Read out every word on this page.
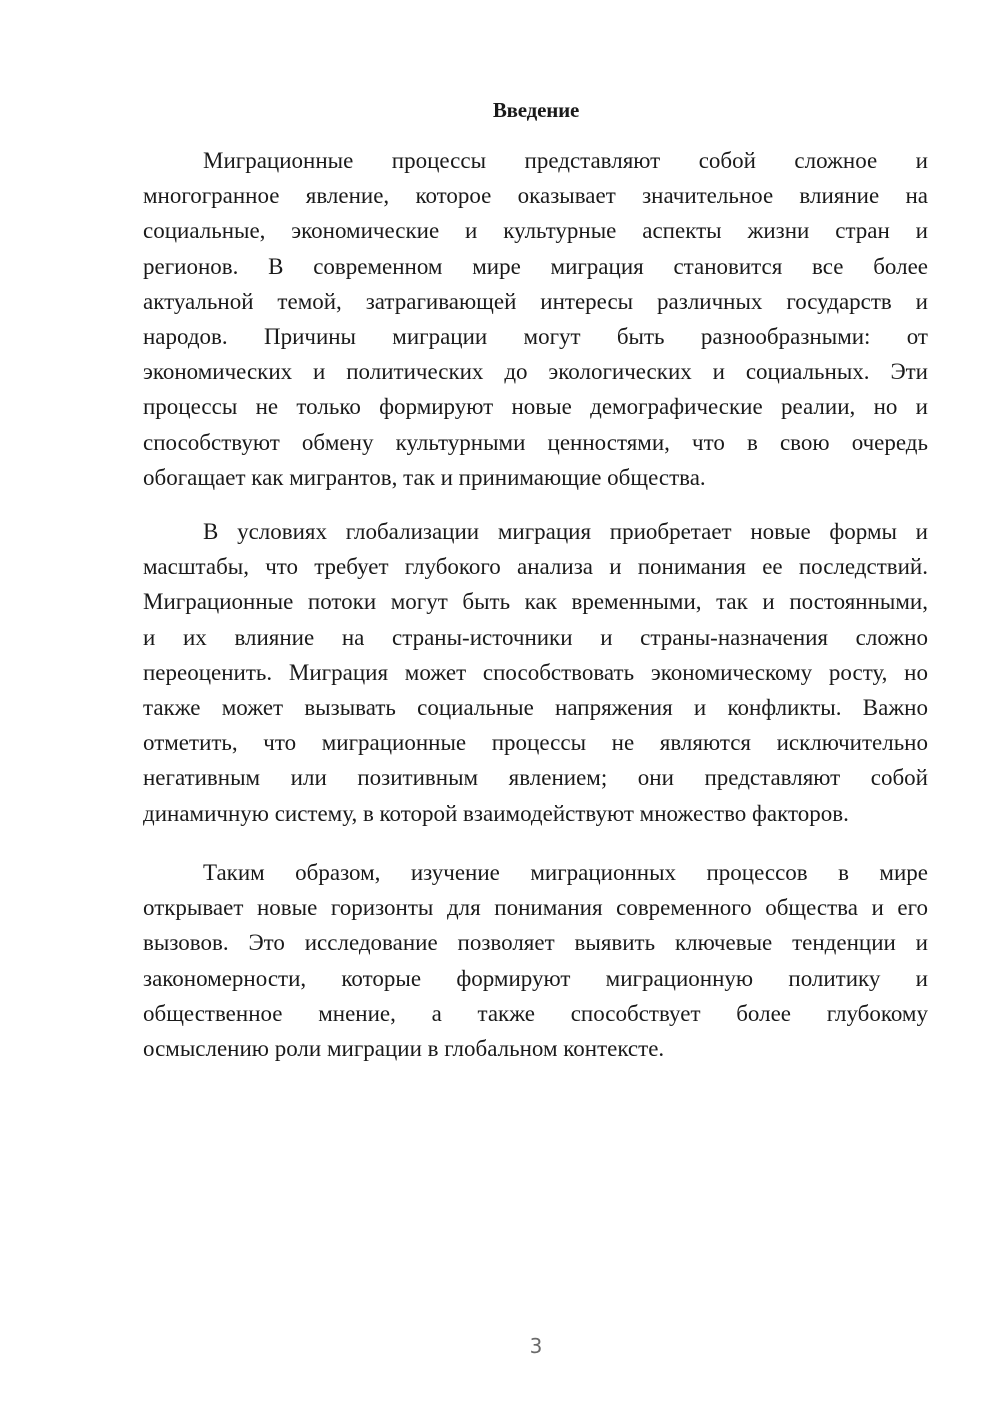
Введение
Миграционные процессы представляют собой сложное и
многогранное явление, которое оказывает значительное влияние на
социальные, экономические и культурные аспекты жизни стран и
регионов. В современном мире миграция становится все более
актуальной темой, затрагивающей интересы различных государств и
народов. Причины миграции могут быть разнообразными: от
экономических и политических до экологических и социальных. Эти
процессы не только формируют новые демографические реалии, но и
способствуют обмену культурными ценностями, что в свою очередь
обогащает как мигрантов, так и принимающие общества.
В условиях глобализации миграция приобретает новые формы и
масштабы, что требует глубокого анализа и понимания ее последствий.
Миграционные потоки могут быть как временными, так и постоянными,
и их влияние на страны-источники и страны-назначения сложно
переоценить. Миграция может способствовать экономическому росту, но
также может вызывать социальные напряжения и конфликты. Важно
отметить, что миграционные процессы не являются исключительно
негативным или позитивным явлением; они представляют собой
динамичную систему, в которой взаимодействуют множество факторов.
Таким образом, изучение миграционных процессов в мире
открывает новые горизонты для понимания современного общества и его
вызовов. Это исследование позволяет выявить ключевые тенденции и
закономерности, которые формируют миграционную политику и
общественное мнение, а также способствует более глубокому
осмыслению роли миграции в глобальном контексте.
3
